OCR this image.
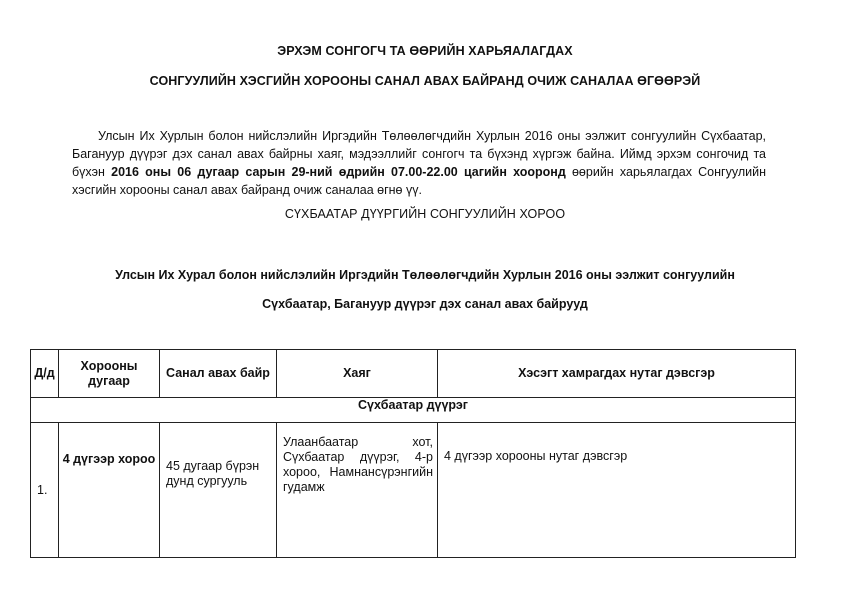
ЭРХЭМ СОНГОГЧ ТА ӨӨРИЙН ХАРЬЯАЛАГДАХ
СОНГУУЛИЙН ХЭСГИЙН ХОРООНЫ САНАЛ АВАХ БАЙРАНД ОЧИЖ САНАЛАА ӨГӨӨРЭЙ
Улсын Их Хурлын болон нийслэлийн Иргэдийн Төлөөлөгчдийн Хурлын 2016 оны ээлжит сонгуулийн Сүхбаатар, Багануур дүүрэг дэх санал авах байрны хаяг, мэдээллийг сонгогч та бүхэнд хүргэж байна. Иймд эрхэм сонгочид та бүхэн 2016 оны 06 дугаар сарын 29-ний өдрийн 07.00-22.00 цагийн хооронд өөрийн харьялагдах Сонгуулийн хэсгийн хорооны санал авах байранд очиж саналаа өгнө үү.
СҮХБААТАР ДҮҮРГИЙН СОНГУУЛИЙН ХОРОО
Улсын Их Хурал болон нийслэлийн Иргэдийн Төлөөлөгчдийн Хурлын 2016 оны ээлжит сонгуулийн
Сүхбаатар, Багануур дүүрэг дэх санал авах байрууд
Д/д	Хорооны дугаар	Санал авах байр	Хаяг	Хэсэгт хамрагдах нутаг дэвсгэр
Сүхбаатар дүүрэг				
1.	4 дүгээр хороо	45 дугаар бүрэн дунд сургууль	Улаанбаатар хот, Сүхбаатар дүүрэг, 4-р хороо, Намнансүрэнгийн гудамж	4 дүгээр хорооны нутаг дэвсгэр
